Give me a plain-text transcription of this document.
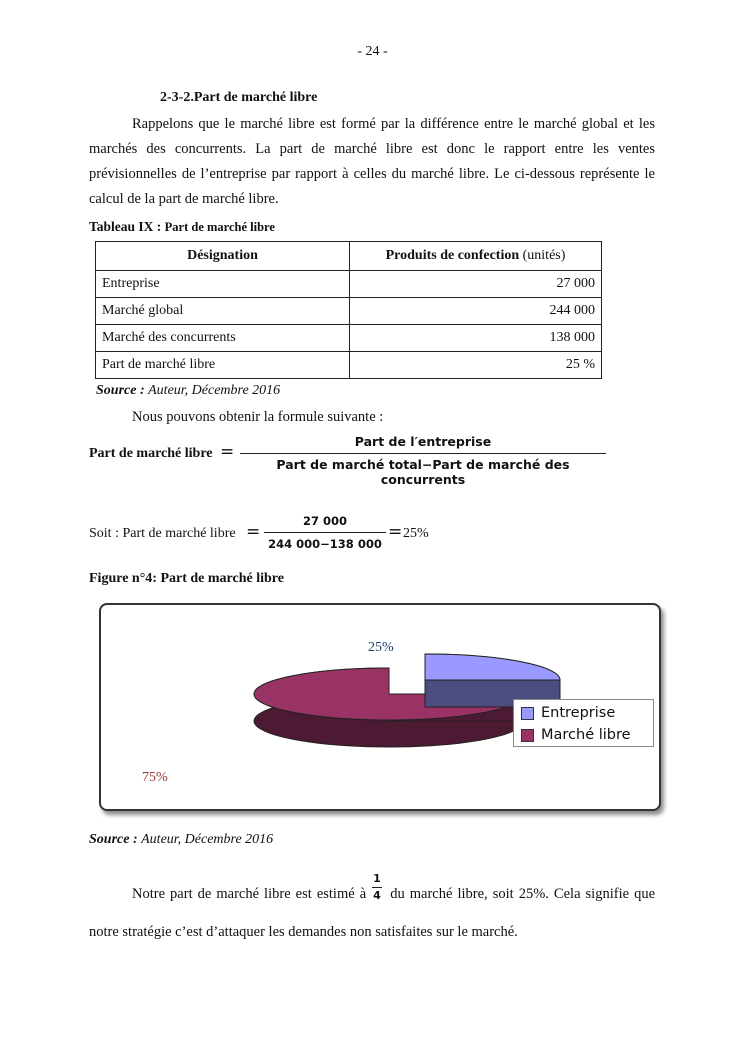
- 24 -
2-3-2.Part de marché libre
Rappelons que le marché libre est formé par la différence entre le marché global et les marchés des concurrents. La part de marché libre est donc le rapport entre les ventes prévisionnelles de l’entreprise par rapport à celles du marché libre. Le ci-dessous représente le calcul de la part de marché libre.
Tableau IX : Part de marché libre
Désignation	Produits de confection (unités)
Entreprise	27 000
Marché global	244 000
Marché des concurrents	138 000
Part de marché libre	25 %
Source : Auteur, Décembre 2016
Nous pouvons obtenir la formule suivante :
Part de marché libre =
Part de l′entreprise
Part de marché total−Part de marché des concurrents
Soit : Part de marché libre =
27 000
244 000−138 000
= 25%
Figure n°4: Part de marché libre
25%
75%
Entreprise
Marché libre
Source : Auteur, Décembre 2016
Notre part de marché libre est estimé à  du marché libre, soit 25%. Cela signifie que notre stratégie c’est d’attaquer les demandes non satisfaites sur le marché.
1
4
